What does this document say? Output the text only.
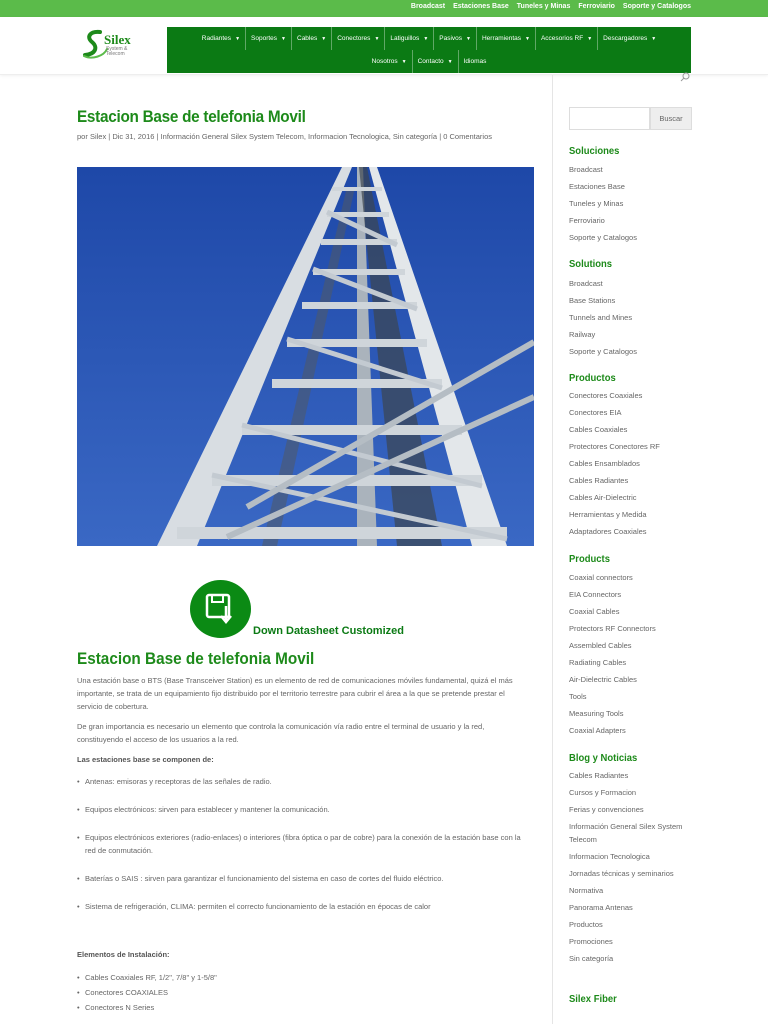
Broadcast Estaciones Base Tuneles y Minas Ferroviario Soporte y Catalogos
Silex
System & Telecom
Radiantes ▼ Soportes ▼ Cables ▼ Conectores ▼ Latiguillos ▼ Pasivos ▼ Herramientas ▼ Accesorios RF ▼ Descargadores ▼
Nosotros ▼ Contacto ▼ Idiomas
Estacion Base de telefonia Movil
por Silex | Dic 31, 2016 | Información General Silex System Telecom, Informacion Tecnologica, Sin categoría | 0 Comentarios
Down Datasheet Customized
Estacion Base de telefonia Movil

Una estación base o BTS (Base Transceiver Station) es un elemento de red de comunicaciones móviles fundamental, quizá el más importante, se trata de un equipamiento fijo distribuido por el territorio terrestre para cubrir el área a la que se pretende prestar el servicio de cobertura.

De gran importancia es necesario un elemento que controla la comunicación vía radio entre el terminal de usuario y la red, constituyendo el acceso de los usuarios a la red.

Las estaciones base se componen de:
• Antenas: emisoras y receptoras de las señales de radio.
• Equipos electrónicos: sirven para establecer y mantener la comunicación.
• Equipos electrónicos exteriores (radio-enlaces) o interiores (fibra óptica o par de cobre) para la conexión de la estación base con la red de conmutación.
• Baterías o SAIS : sirven para garantizar el funcionamiento del sistema en caso de cortes del fluido eléctrico.
• Sistema de refrigeración, CLIMA: permiten el correcto funcionamiento de la estación en épocas de calor
Elementos de Instalación:
• Cables Coaxiales RF, 1/2", 7/8" y 1-5/8"
• Conectores COAXIALES
• Conectores N Series
Buscar
Soluciones
Broadcast
Estaciones Base
Tuneles y Minas
Ferroviario
Soporte y Catalogos
Solutions
Broadcast
Base Stations
Tunnels and Mines
Railway
Soporte y Catalogos
Productos
Conectores Coaxiales
Conectores EIA
Cables Coaxiales
Protectores Conectores RF
Cables Ensamblados
Cables Radiantes
Cables Air-Dielectric
Herramientas y Medida
Adaptadores Coaxiales
Products
Coaxial connectors
EIA Connectors
Coaxial Cables
Protectors RF Connectors
Assembled Cables
Radiating Cables
Air-Dielectric Cables
Tools
Measuring Tools
Coaxial Adapters
Blog y Noticias
Cables Radiantes
Cursos y Formacion
Ferias y convenciones
Información General Silex System Telecom
Informacion Tecnologica
Jornadas técnicas y seminarios
Normativa
Panorama Antenas
Productos
Promociones
Sin categoría
Silex Fiber
